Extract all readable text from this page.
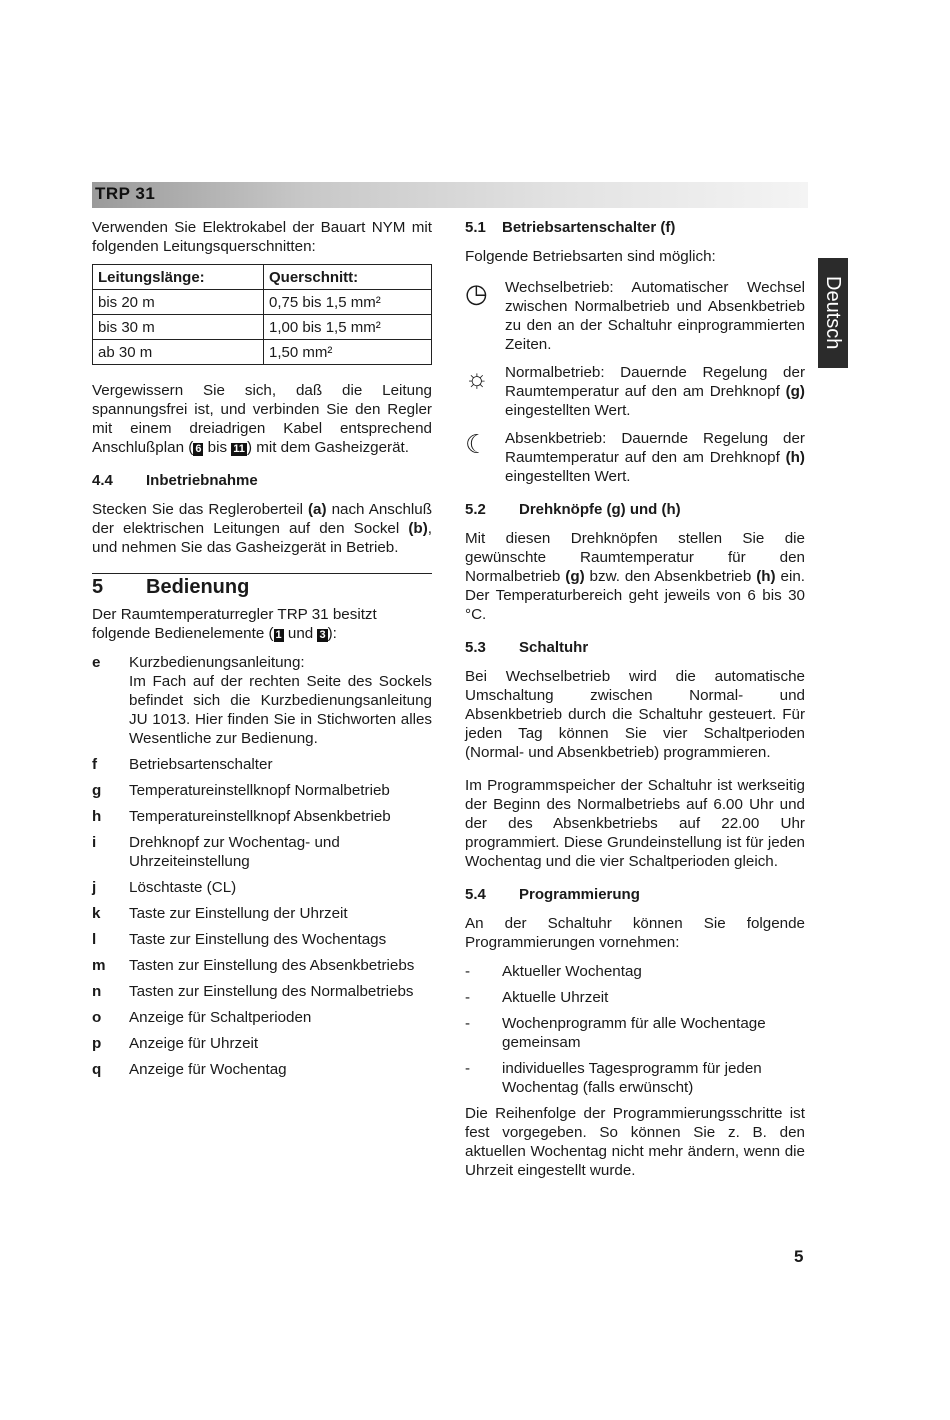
TRP 31
Deutsch

Verwenden Sie Elektrokabel der Bauart NYM mit folgenden Leitungsquerschnitten:

Leitungslänge:	Querschnitt:
bis 20 m	0,75 bis 1,5 mm²
bis 30 m	1,00 bis 1,5 mm²
ab 30 m	1,50 mm²

Vergewissern Sie sich, daß die Leitung spannungsfrei ist, und verbinden Sie den Regler mit einem dreiadrigen Kabel entsprechend Anschlußplan ( 6 bis 11 ) mit dem Gasheizgerät.

4.4 Inbetriebnahme

Stecken Sie das Regleroberteil (a) nach Anschluß der elektrischen Leitungen auf den Sockel (b), und nehmen Sie das Gasheizgerät in Betrieb.

5 Bedienung

Der Raumtemperaturregler TRP 31 besitzt folgende Bedienelemente ( 1 und 3 ):

e	Kurzbedienungsanleitung:

Im Fach auf der rechten Seite des Sockels befindet sich die Kurzbedienungsanleitung JU 1013. Hier finden Sie in Stichworten alles Wesentliche zur Bedienung.
f	Betriebsartenschalter
g	Temperatureinstellknopf Normalbetrieb
h	Temperatureinstellknopf Absenkbetrieb
i	Drehknopf zur Wochentag- und Uhrzeiteinstellung
j	Löschtaste (CL)
k	Taste zur Einstellung der Uhrzeit
l	Taste zur Einstellung des Wochentags
m	Tasten zur Einstellung des Absenkbetriebs
n	Tasten zur Einstellung des Normalbetriebs
o	Anzeige für Schaltperioden
p	Anzeige für Uhrzeit
q	Anzeige für Wochentag
5.1 Betriebsartenschalter (f)

Folgende Betriebsarten sind möglich:

◷	Wechselbetrieb: Automatischer Wechsel zwischen Normalbetrieb und Absenkbetrieb zu den an der Schaltuhr einprogrammierten Zeiten.
☼	Normalbetrieb: Dauernde Regelung der Raumtemperatur auf den am Drehknopf (g) eingestellten Wert.
☾	Absenkbetrieb: Dauernde Regelung der Raumtemperatur auf den am Drehknopf (h) eingestellten Wert.
5.2 Drehknöpfe (g) und (h)

Mit diesen Drehknöpfen stellen Sie die gewünschte Raumtemperatur für den Normalbetrieb (g) bzw. den Absenkbetrieb (h) ein. Der Temperaturbereich geht jeweils von 6 bis 30 °C.

5.3 Schaltuhr

Bei Wechselbetrieb wird die automatische Umschaltung zwischen Normal- und Absenkbetrieb durch die Schaltuhr gesteuert. Für jeden Tag können Sie vier Schaltperioden (Normal- und Absenkbetrieb) programmieren.

Im Programmspeicher der Schaltuhr ist werkseitig der Beginn des Normalbetriebs auf 6.00 Uhr und der des Absenkbetriebs auf 22.00 Uhr programmiert. Diese Grundeinstellung ist für jeden Wochentag und die vier Schaltperioden gleich.

5.4 Programmierung

An der Schaltuhr können Sie folgende Programmierungen vornehmen:

-	Aktueller Wochentag
-	Aktuelle Uhrzeit
-	Wochenprogramm für alle Wochentage gemeinsam
-	individuelles Tagesprogramm für jeden Wochentag (falls erwünscht)

Die Reihenfolge der Programmierungsschritte ist fest vorgegeben. So können Sie z. B. den aktuellen Wochentag nicht mehr ändern, wenn die Uhrzeit eingestellt wurde.

5
